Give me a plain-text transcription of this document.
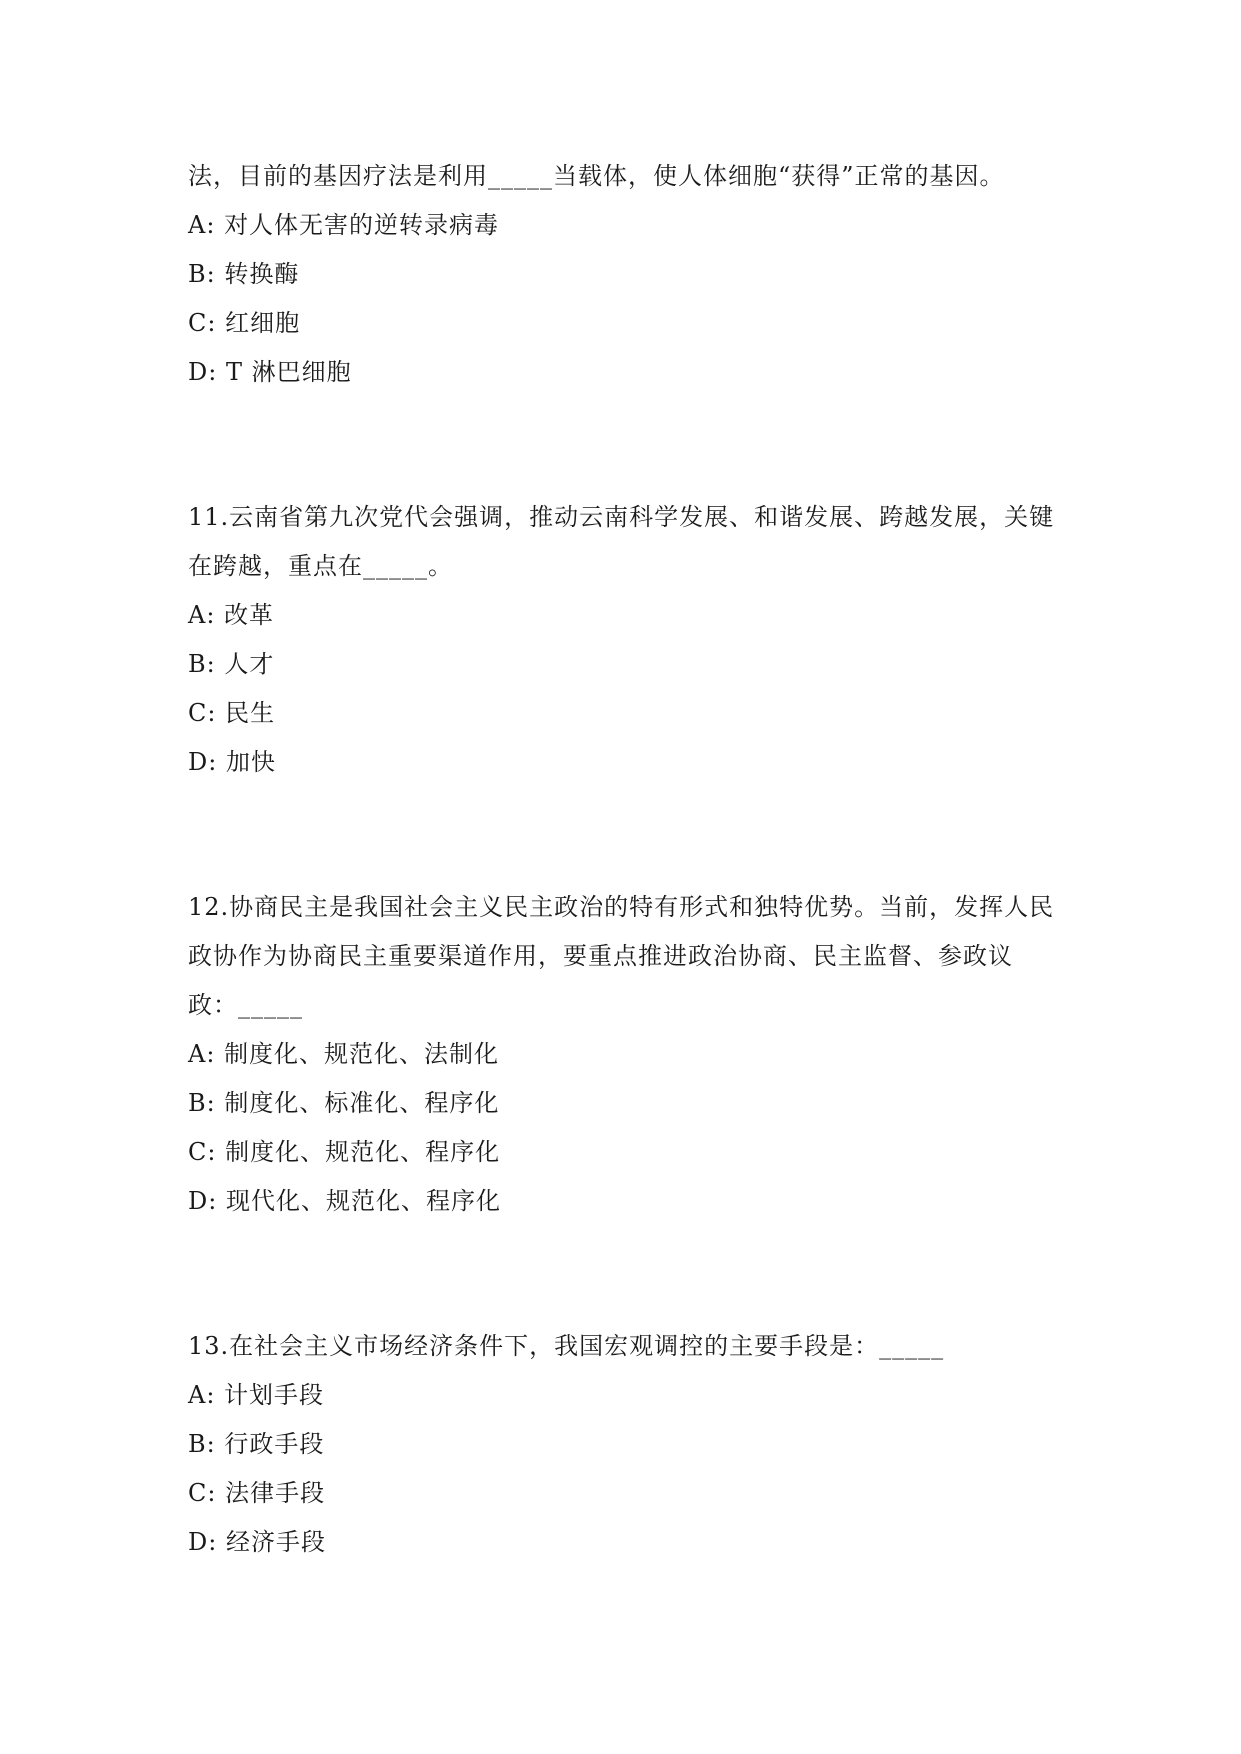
法，目前的基因疗法是利用_____当载体，使人体细胞“获得”正常的基因。
A: 对人体无害的逆转录病毒
B: 转换酶
C: 红细胞
D: T 淋巴细胞
11.云南省第九次党代会强调，推动云南科学发展、和谐发展、跨越发展，关键
在跨越，重点在_____。
A: 改革
B: 人才
C: 民生
D: 加快
12.协商民主是我国社会主义民主政治的特有形式和独特优势。当前，发挥人民
政协作为协商民主重要渠道作用，要重点推进政治协商、民主监督、参政议
政：_____
A: 制度化、规范化、法制化
B: 制度化、标准化、程序化
C: 制度化、规范化、程序化
D: 现代化、规范化、程序化
13.在社会主义市场经济条件下，我国宏观调控的主要手段是：_____
A: 计划手段
B: 行政手段
C: 法律手段
D: 经济手段
